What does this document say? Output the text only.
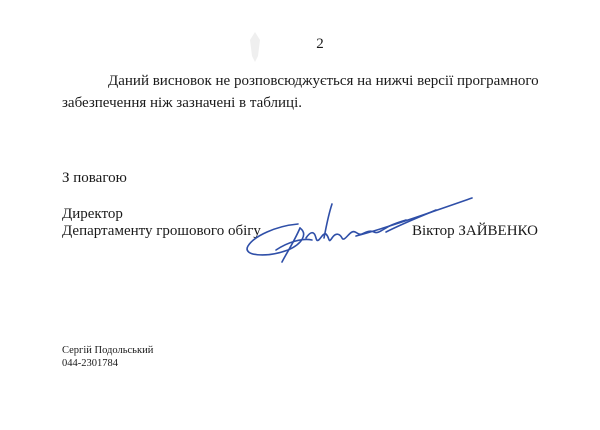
2
Даний висновок не розповсюджується на нижчі версії програмного
забезпечення ніж зазначені в таблиці.
З повагою
Директор
Департаменту грошового обігу	Віктор ЗАЙВЕНКО
Сергій Подольський
044-2301784
